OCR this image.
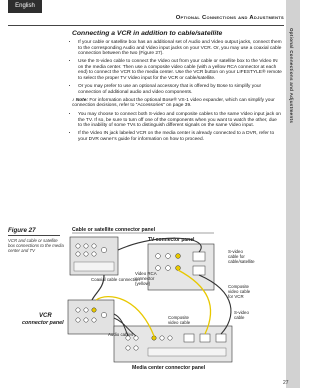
English
Optional Connections and Adjustments
Optional Connections and Adjustments
Connecting a VCR in addition to cable/satellite
• If your cable or satellite box has an additional set of Audio and Video output jacks, connect them to the corresponding Audio and Video input jacks on your VCR. Or, you may use a coaxial cable connection between the two (Figure 27).
• Use the S-video cable to connect the Video out from your cable or satellite box to the Video IN on the media center. Then use a composite video cable (with a yellow RCA connector at each end) to connect the VCR to the media center. Use the VCR button on your LIFESTYLE® remote to select the proper TV Video input for the VCR or cable/satellite.
• Or you may prefer to use an optional accessory that is offered by Bose to simplify your connection of additional audio and video components.
♪ Note: For information about the optional Bose® VS-1 video expander, which can simplify your connection decisions, refer to “Accessories” on page 39.
• You may choose to connect both S-video and composite cables to the same Video input jack on the TV. If so, be sure to turn off one of the components when you want to watch the other, due to the inability of some TVs to distinguish different signals on the same Video input.
• If the Video IN jack labeled VCR on the media center is already connected to a DVR, refer to your DVR owner’s guide for information on how to proceed.
Figure 27
VCR and cable or satellite box connections to the media center and TV
Cable or satellite connector panel
Coaxial cable connection
TV connector panel
Video RCA
connector
(yellow)
S-video
cable for
cable/satellite
Composite
video cable
for VCR
VCR
connector panel
Media center connector panel
Audio cables
Composite
video cable
S-video
cable
27
